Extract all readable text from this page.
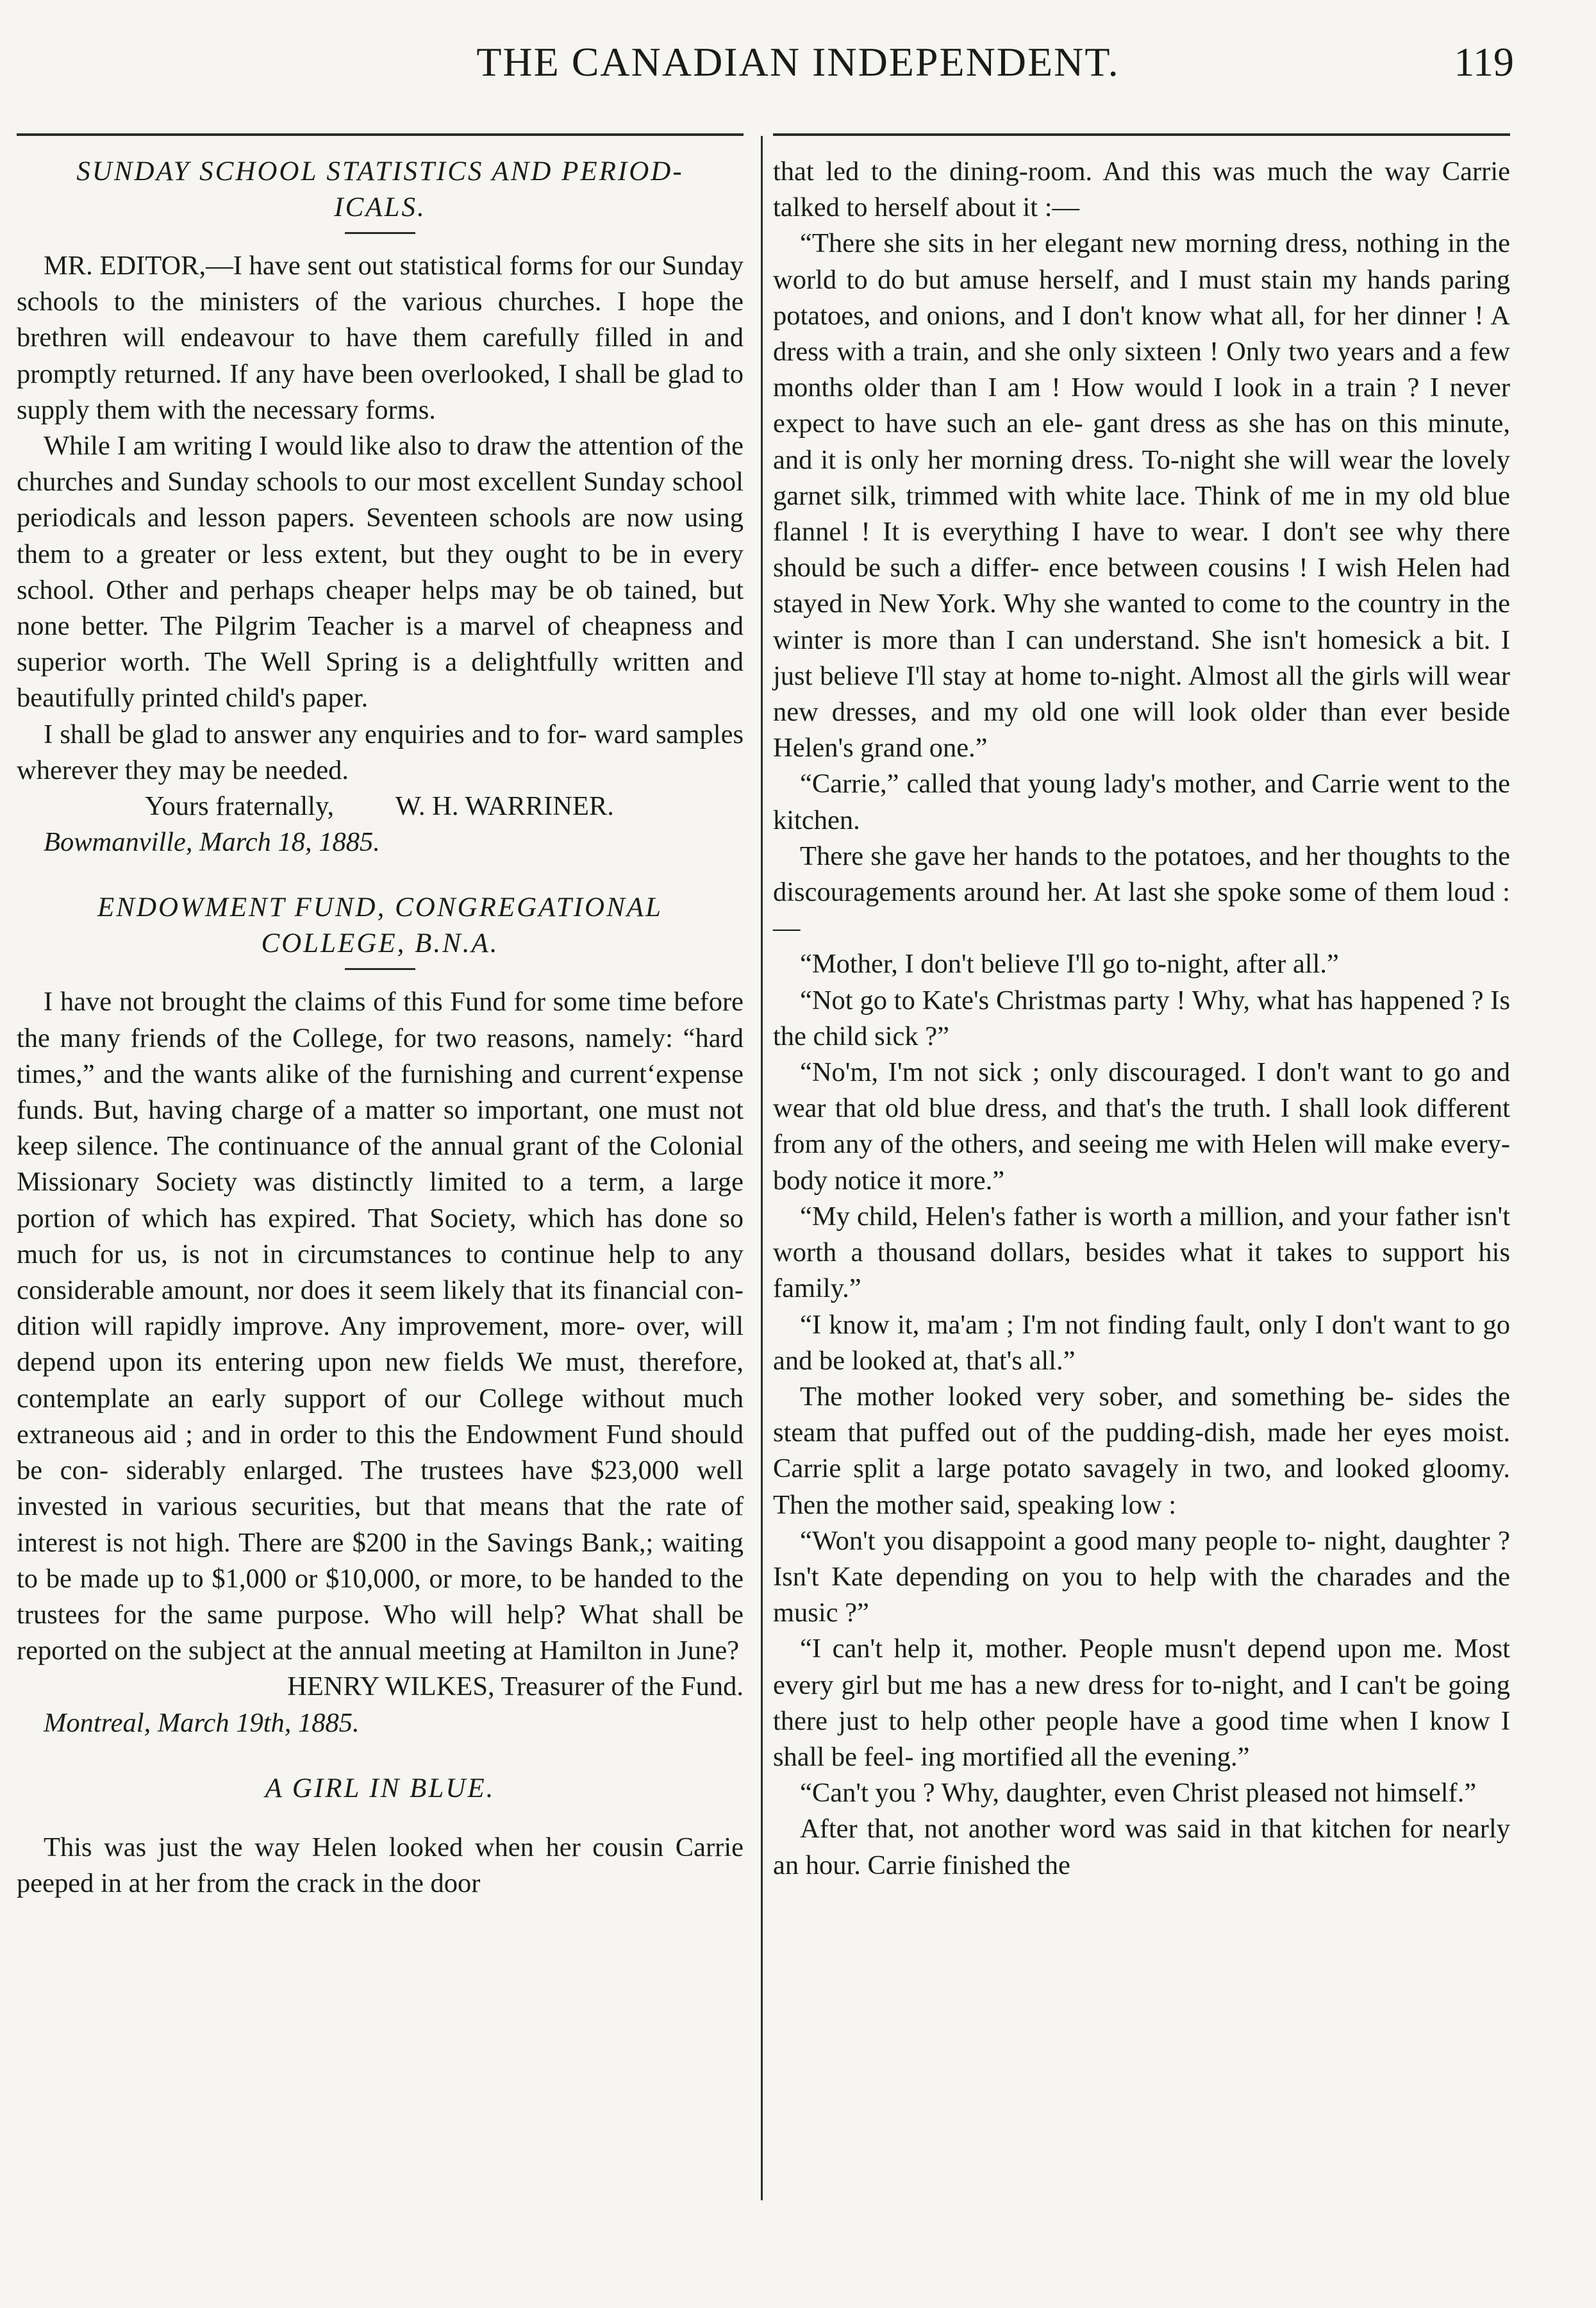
THE CANADIAN INDEPENDENT.	119
SUNDAY SCHOOL STATISTICS AND PERIOD-
ICALS.

MR. EDITOR,—I have sent out statistical forms for our Sunday schools to the ministers of the various churches. I hope the brethren will endeavour to have them carefully filled in and promptly returned. If any have been overlooked, I shall be glad to supply them with the necessary forms.

While I am writing I would like also to draw the attention of the churches and Sunday schools to our most excellent Sunday school periodicals and lesson papers. Seventeen schools are now using them to a greater or less extent, but they ought to be in every school. Other and perhaps cheaper helps may be ob tained, but none better. The Pilgrim Teacher is a marvel of cheapness and superior worth. The Well Spring is a delightfully written and beautifully printed child's paper.

I shall be glad to answer any enquiries and to for- ward samples wherever they may be needed.

Yours fraternally, W. H. WARRINER.

Bowmanville, March 18, 1885.

ENDOWMENT FUND, CONGREGATIONAL
COLLEGE, B.N.A.

I have not brought the claims of this Fund for some time before the many friends of the College, for two reasons, namely: “hard times,” and the wants alike of the furnishing and current‘expense funds. But, having charge of a matter so important, one must not keep silence. The continuance of the annual grant of the Colonial Missionary Society was distinctly limited to a term, a large portion of which has expired. That Society, which has done so much for us, is not in circumstances to continue help to any considerable amount, nor does it seem likely that its financial con- dition will rapidly improve. Any improvement, more- over, will depend upon its entering upon new fields We must, therefore, contemplate an early support of our College without much extraneous aid ; and in order to this the Endowment Fund should be con- siderably enlarged. The trustees have $23,000 well invested in various securities, but that means that the rate of interest is not high. There are $200 in the Savings Bank,; waiting to be made up to $1,000 or $10,000, or more, to be handed to the trustees for the same purpose. Who will help? What shall be reported on the subject at the annual meeting at Hamilton in June?

HENRY WILKES, Treasurer of the Fund.

Montreal, March 19th, 1885.

A GIRL IN BLUE.

This was just the way Helen looked when her cousin Carrie peeped in at her from the crack in the door

that led to the dining-room. And this was much the way Carrie talked to herself about it :—

“There she sits in her elegant new morning dress, nothing in the world to do but amuse herself, and I must stain my hands paring potatoes, and onions, and I don't know what all, for her dinner ! A dress with a train, and she only sixteen ! Only two years and a few months older than I am ! How would I look in a train ? I never expect to have such an ele- gant dress as she has on this minute, and it is only her morning dress. To-night she will wear the lovely garnet silk, trimmed with white lace. Think of me in my old blue flannel ! It is everything I have to wear. I don't see why there should be such a differ- ence between cousins ! I wish Helen had stayed in New York. Why she wanted to come to the country in the winter is more than I can understand. She isn't homesick a bit. I just believe I'll stay at home to-night. Almost all the girls will wear new dresses, and my old one will look older than ever beside Helen's grand one.”

“Carrie,” called that young lady's mother, and Carrie went to the kitchen.

There she gave her hands to the potatoes, and her thoughts to the discouragements around her. At last she spoke some of them loud :—

“Mother, I don't believe I'll go to-night, after all.”

“Not go to Kate's Christmas party ! Why, what has happened ? Is the child sick ?”

“No'm, I'm not sick ; only discouraged. I don't want to go and wear that old blue dress, and that's the truth. I shall look different from any of the others, and seeing me with Helen will make every- body notice it more.”

“My child, Helen's father is worth a million, and your father isn't worth a thousand dollars, besides what it takes to support his family.”

“I know it, ma'am ; I'm not finding fault, only I don't want to go and be looked at, that's all.”

The mother looked very sober, and something be- sides the steam that puffed out of the pudding-dish, made her eyes moist. Carrie split a large potato savagely in two, and looked gloomy. Then the mother said, speaking low :

“Won't you disappoint a good many people to- night, daughter ? Isn't Kate depending on you to help with the charades and the music ?”

“I can't help it, mother. People musn't depend upon me. Most every girl but me has a new dress for to-night, and I can't be going there just to help other people have a good time when I know I shall be feel- ing mortified all the evening.”

“Can't you ? Why, daughter, even Christ pleased not himself.”

After that, not another word was said in that kitchen for nearly an hour. Carrie finished the
